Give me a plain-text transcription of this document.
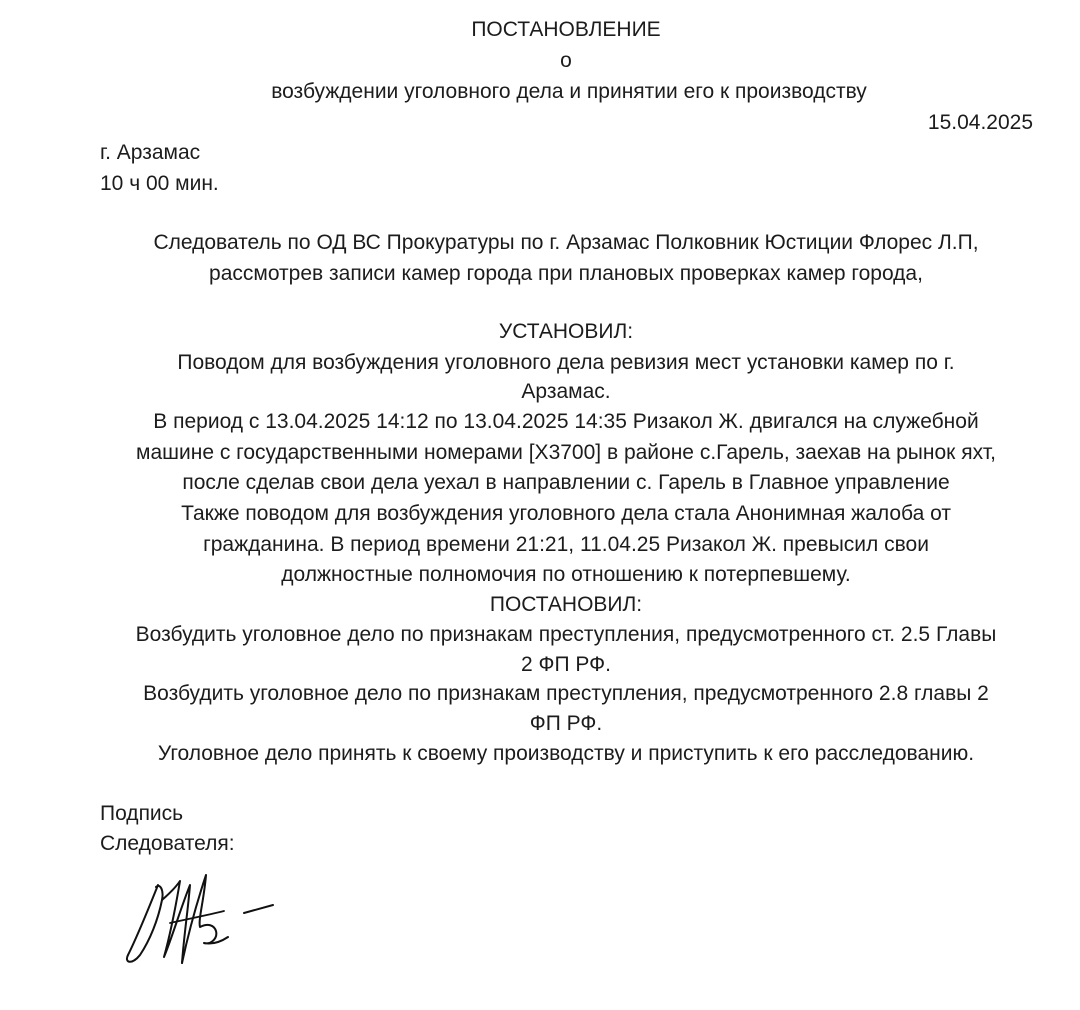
ПОСТАНОВЛЕНИЕ
о
возбуждении уголовного дела и принятии его к производству
15.04.2025
г. Арзамас
10 ч 00 мин.
Следователь по ОД ВС Прокуратуры по г. Арзамас Полковник Юстиции Флорес Л.П,
рассмотрев записи камер города при плановых проверках камер города,
УСТАНОВИЛ:
Поводом для возбуждения уголовного дела ревизия мест установки камер по г.
Арзамас.
В период с 13.04.2025 14:12 по 13.04.2025 14:35 Ризакол Ж. двигался на служебной
машине с государственными номерами [X3700] в районе с.Гарель, заехав на рынок яхт,
после сделав свои дела уехал в направлении с. Гарель в Главное управление
Также поводом для возбуждения уголовного дела стала Анонимная жалоба от
гражданина. В период времени 21:21, 11.04.25 Ризакол Ж. превысил свои
должностные полномочия по отношению к потерпевшему.
ПОСТАНОВИЛ:
Возбудить уголовное дело по признакам преступления, предусмотренного ст. 2.5 Главы
2 ФП РФ.
Возбудить уголовное дело по признакам преступления, предусмотренного 2.8 главы 2
ФП РФ.
Уголовное дело принять к своему производству и приступить к его расследованию.
Подпись
Следователя:
